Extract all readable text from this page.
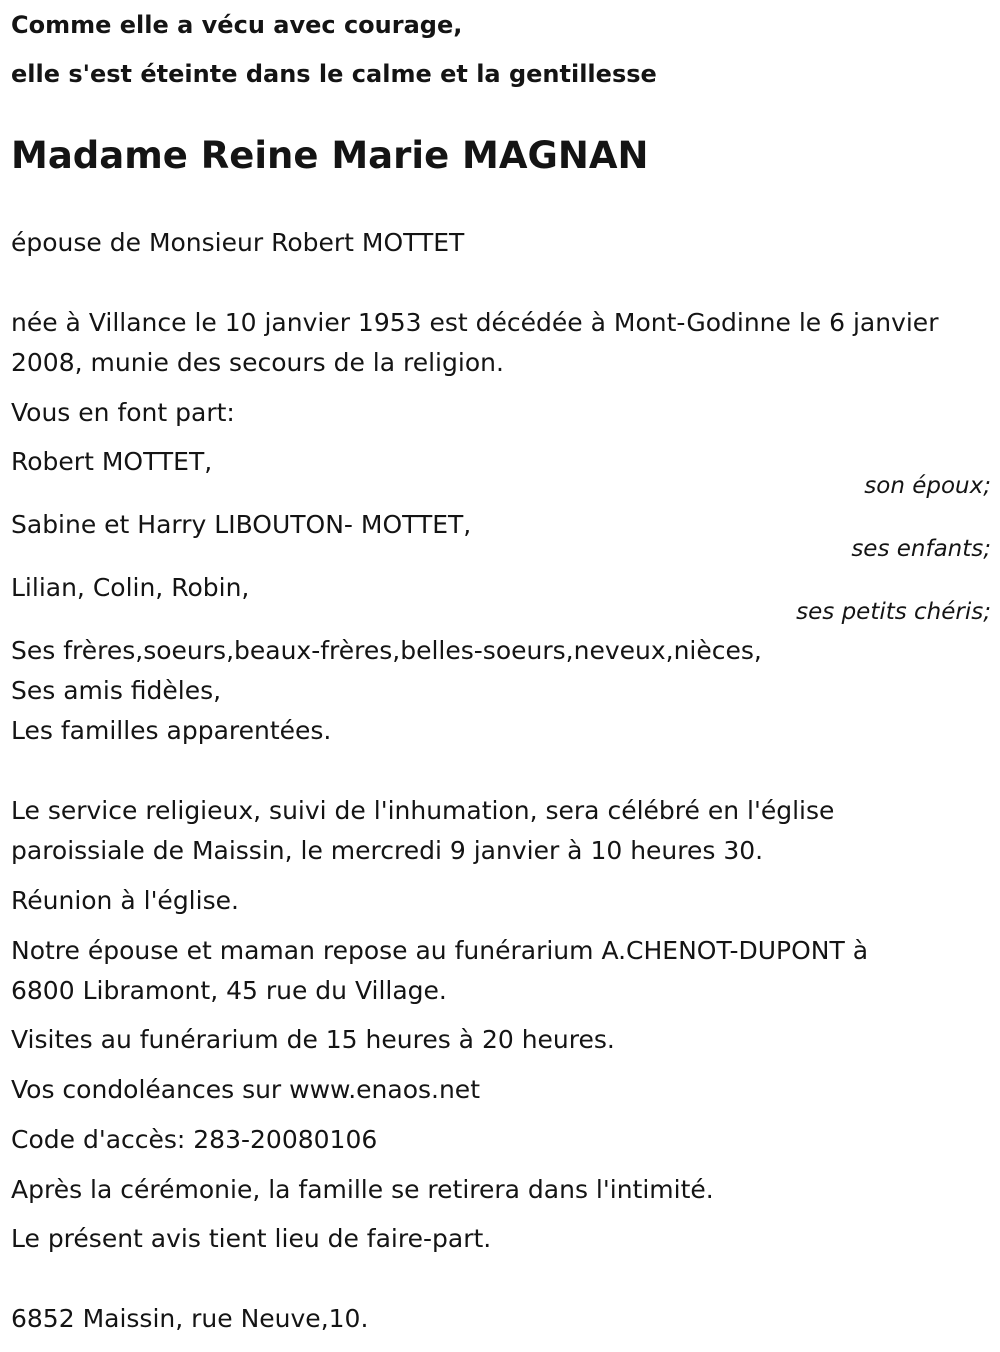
Comme elle a vécu avec courage,
elle s'est éteinte dans le calme et la gentillesse
Madame Reine Marie MAGNAN
épouse de Monsieur Robert MOTTET
née à Villance le 10 janvier 1953 est décédée à Mont-Godinne le 6 janvier
2008, munie des secours de la religion.
Vous en font part:
Robert MOTTET,
son époux;
Sabine et Harry LIBOUTON- MOTTET,
ses enfants;
Lilian, Colin, Robin,
ses petits chéris;
Ses frères,soeurs,beaux-frères,belles-soeurs,neveux,nièces,
Ses amis fidèles,
Les familles apparentées.
Le service religieux, suivi de l'inhumation, sera célébré en l'église
paroissiale de Maissin, le mercredi 9 janvier à 10 heures 30.
Réunion à l'église.
Notre épouse et maman repose au funérarium A.CHENOT-DUPONT à
6800 Libramont, 45 rue du Village.
Visites au funérarium de 15 heures à 20 heures.
Vos condoléances sur www.enaos.net
Code d'accès: 283-20080106
Après la cérémonie, la famille se retirera dans l'intimité.
Le présent avis tient lieu de faire-part.
6852 Maissin, rue Neuve,10.
